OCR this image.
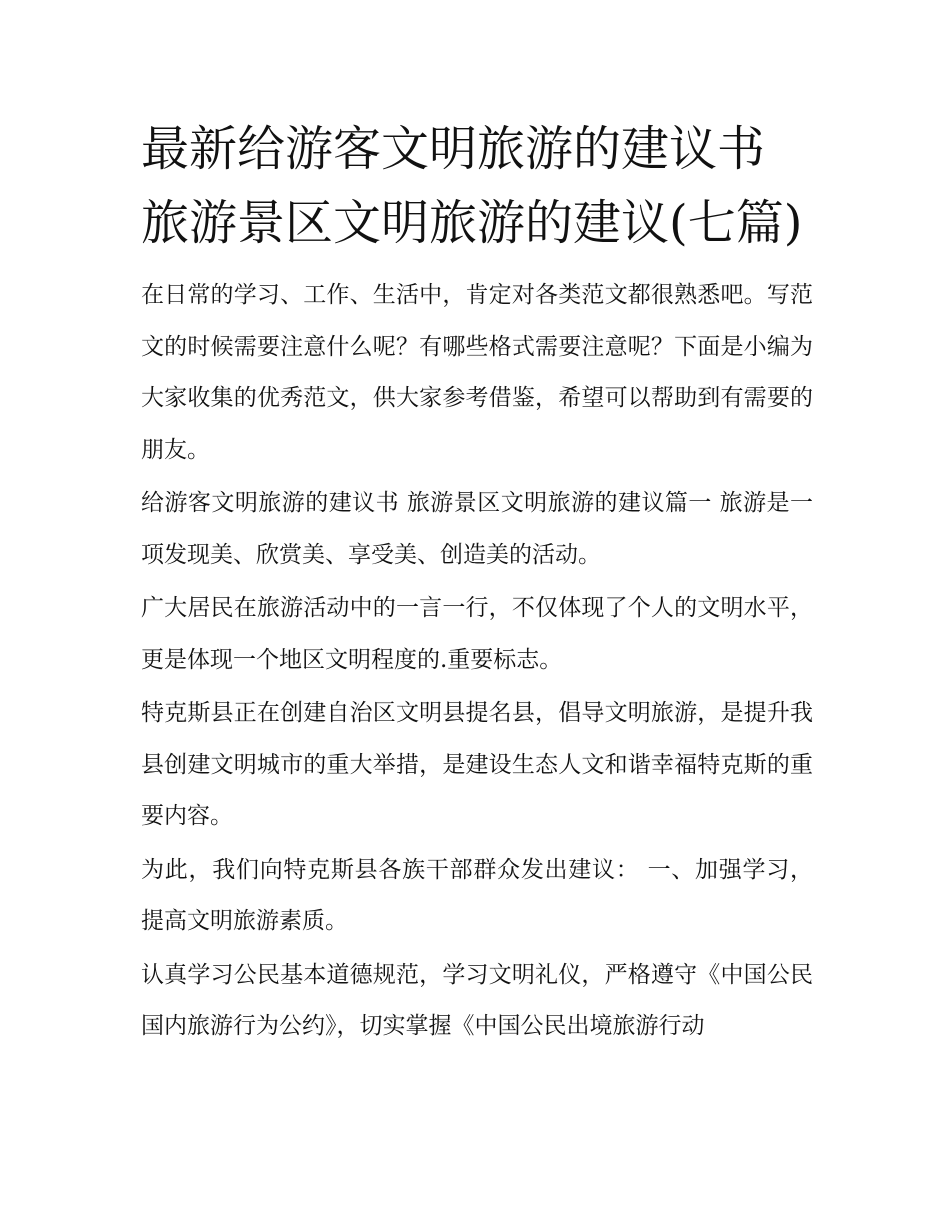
最新给游客文明旅游的建议书 旅游景区文明旅游的建议(七篇)

在日常的学习、工作、生活中，肯定对各类范文都很熟悉吧。写范文的时候需要注意什么呢？有哪些格式需要注意呢？下面是小编为大家收集的优秀范文，供大家参考借鉴，希望可以帮助到有需要的朋友。

给游客文明旅游的建议书 旅游景区文明旅游的建议篇一 旅游是一项发现美、欣赏美、享受美、创造美的活动。

广大居民在旅游活动中的一言一行，不仅体现了个人的文明水平，更是体现一个地区文明程度的.重要标志。

特克斯县正在创建自治区文明县提名县，倡导文明旅游，是提升我县创建文明城市的重大举措，是建设生态人文和谐幸福特克斯的重要内容。

为此，我们向特克斯县各族干部群众发出建议： 一、加强学习，提高文明旅游素质。

认真学习公民基本道德规范，学习文明礼仪，严格遵守《中国公民国内旅游行为公约》，切实掌握《中国公民出境旅游行动
